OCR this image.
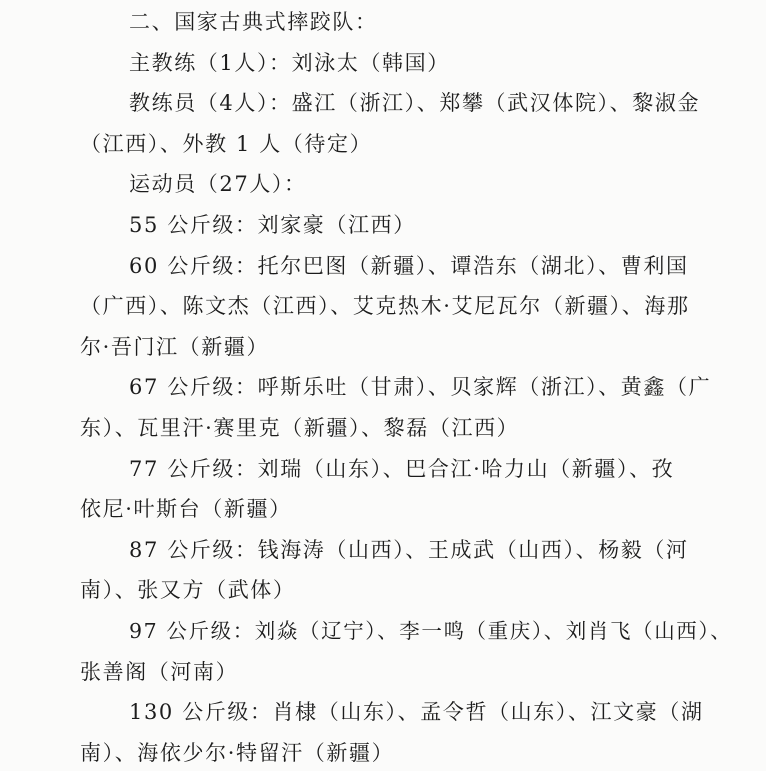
二、国家古典式摔跤队：
主教练（1人）：刘泳太（韩国）
教练员（4人）：盛江（浙江）、郑攀（武汉体院）、黎淑金
（江西）、外教 1 人（待定）
运动员（27人）：
55 公斤级：刘家豪（江西）
60 公斤级：托尔巴图（新疆）、谭浩东（湖北）、曹利国
（广西）、陈文杰（江西）、艾克热木·艾尼瓦尔（新疆）、海那
尔·吾门江（新疆）
67 公斤级：呼斯乐吐（甘肃）、贝家辉（浙江）、黄鑫（广
东）、瓦里汗·赛里克（新疆）、黎磊（江西）
77 公斤级：刘瑞（山东）、巴合江·哈力山（新疆）、孜
依尼·叶斯台（新疆）
87 公斤级：钱海涛（山西）、王成武（山西）、杨毅（河
南）、张又方（武体）
97 公斤级：刘焱（辽宁）、李一鸣（重庆）、刘肖飞（山西）、
张善阁（河南）
130 公斤级：肖棣（山东）、孟令哲（山东）、江文豪（湖
南）、海依少尔·特留汗（新疆）
